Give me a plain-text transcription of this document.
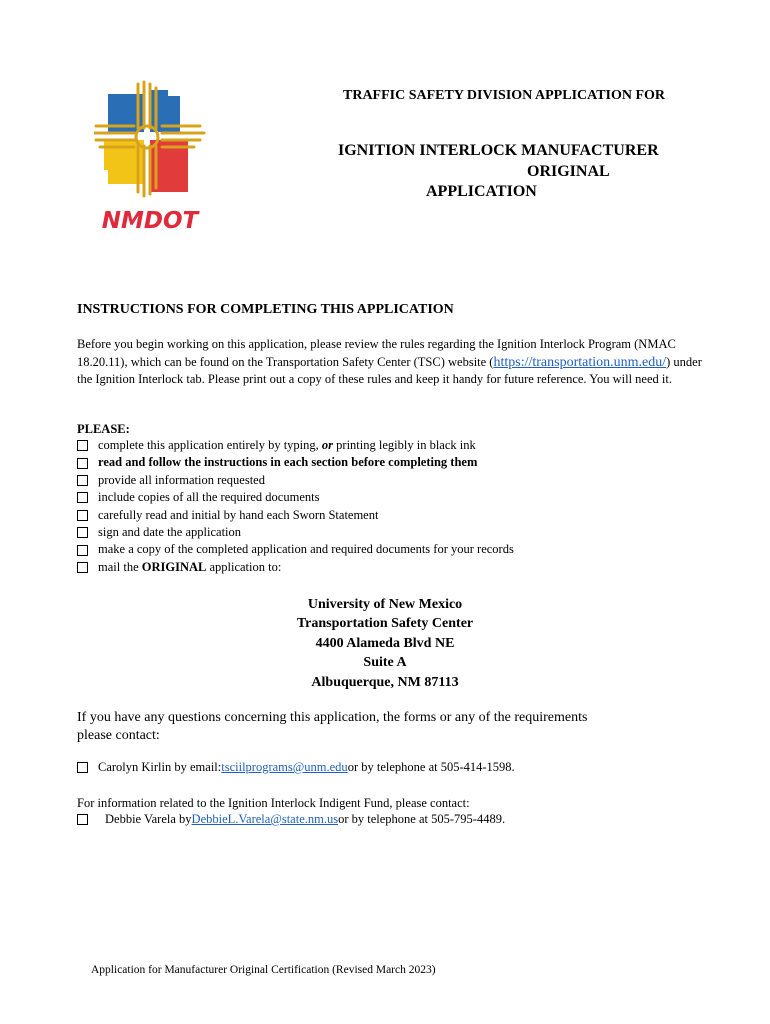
NMDOT
TRAFFIC SAFETY DIVISION APPLICATION FOR
IGNITION INTERLOCK MANUFACTURER
ORIGINAL
APPLICATION
INSTRUCTIONS FOR COMPLETING THIS APPLICATION
Before you begin working on this application, please review the rules regarding the Ignition Interlock Program (NMAC 18.20.11), which can be found on the Transportation Safety Center (TSC) website (https://transportation.unm.edu/) under the Ignition Interlock tab. Please print out a copy of these rules and keep it handy for future reference. You will need it.
PLEASE:
complete this application entirely by typing, or printing legibly in black ink
read and follow the instructions in each section before completing them
provide all information requested
include copies of all the required documents
carefully read and initial by hand each Sworn Statement
sign and date the application
make a copy of the completed application and required documents for your records
mail the ORIGINAL application to:
University of New Mexico
Transportation Safety Center
4400 Alameda Blvd NE
Suite A
Albuquerque, NM 87113
If you have any questions concerning this application, the forms or any of the requirements please contact:
Carolyn Kirlin by email: tsciilprograms@unm.edu or by telephone at 505-414-1598.
For information related to the Ignition Interlock Indigent Fund, please contact:
Debbie Varela by DebbieL.Varela@state.nm.us or by telephone at 505-795-4489.
Application for Manufacturer Original Certification (Revised March 2023)
